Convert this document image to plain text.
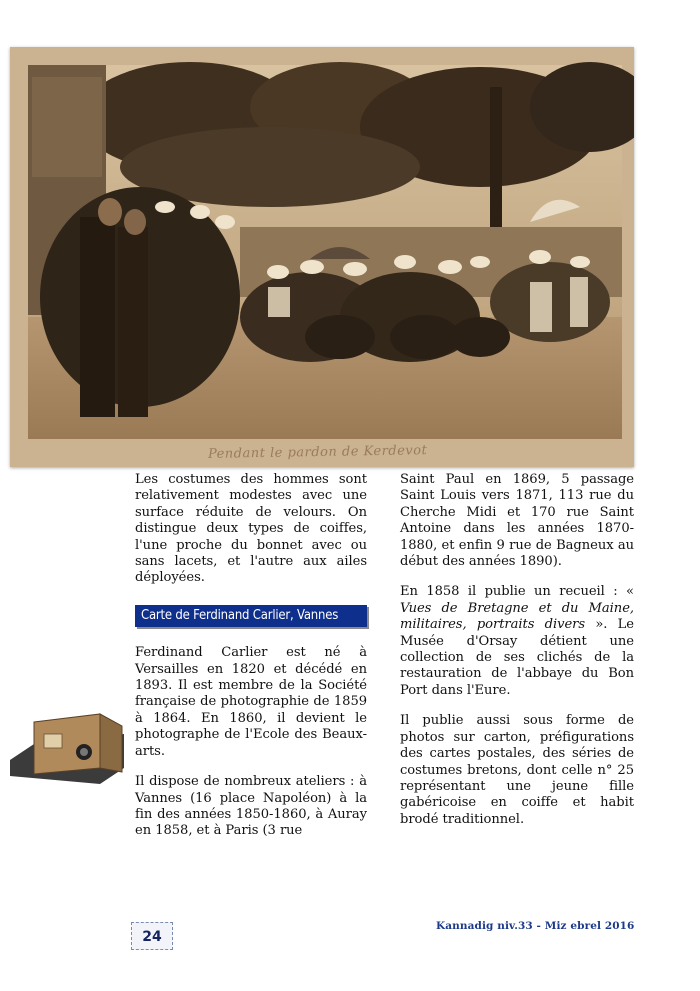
Pendant le pardon de Kerdevot

Les costumes des hommes sont relativement modestes avec une surface réduite de velours. On distingue deux types de coiffes, l'une proche du bonnet avec ou sans lacets, et l'autre aux ailes déployées.

Carte de Ferdinand Carlier, Vannes

Ferdinand Carlier est né à Versailles en 1820 et décédé en 1893. Il est membre de la Société française de photographie de 1859 à 1864. En 1860, il devient le photographe de l'Ecole des Beaux-arts.

Il dispose de nombreux ateliers : à Vannes (16 place Napoléon) à la fin des années 1850-1860, à Auray en 1858, et à Paris (3 rue

Saint Paul en 1869, 5 passage Saint Louis vers 1871, 113 rue du Cherche Midi et 170 rue Saint Antoine dans les années 1870-1880, et enfin 9 rue de Bagneux au début des années 1890).

En 1858 il publie un recueil : « Vues de Bretagne et du Maine, militaires, portraits divers ». Le Musée d'Orsay détient une collection de ses clichés de la restauration de l'abbaye du Bon Port dans l'Eure.

Il publie aussi sous forme de photos sur carton, préfigurations des cartes postales, des séries de costumes bretons, dont celle n° 25 représentant une jeune fille gabéricoise en coiffe et habit brodé traditionnel.

24
Kannadig niv.33 - Miz ebrel 2016
